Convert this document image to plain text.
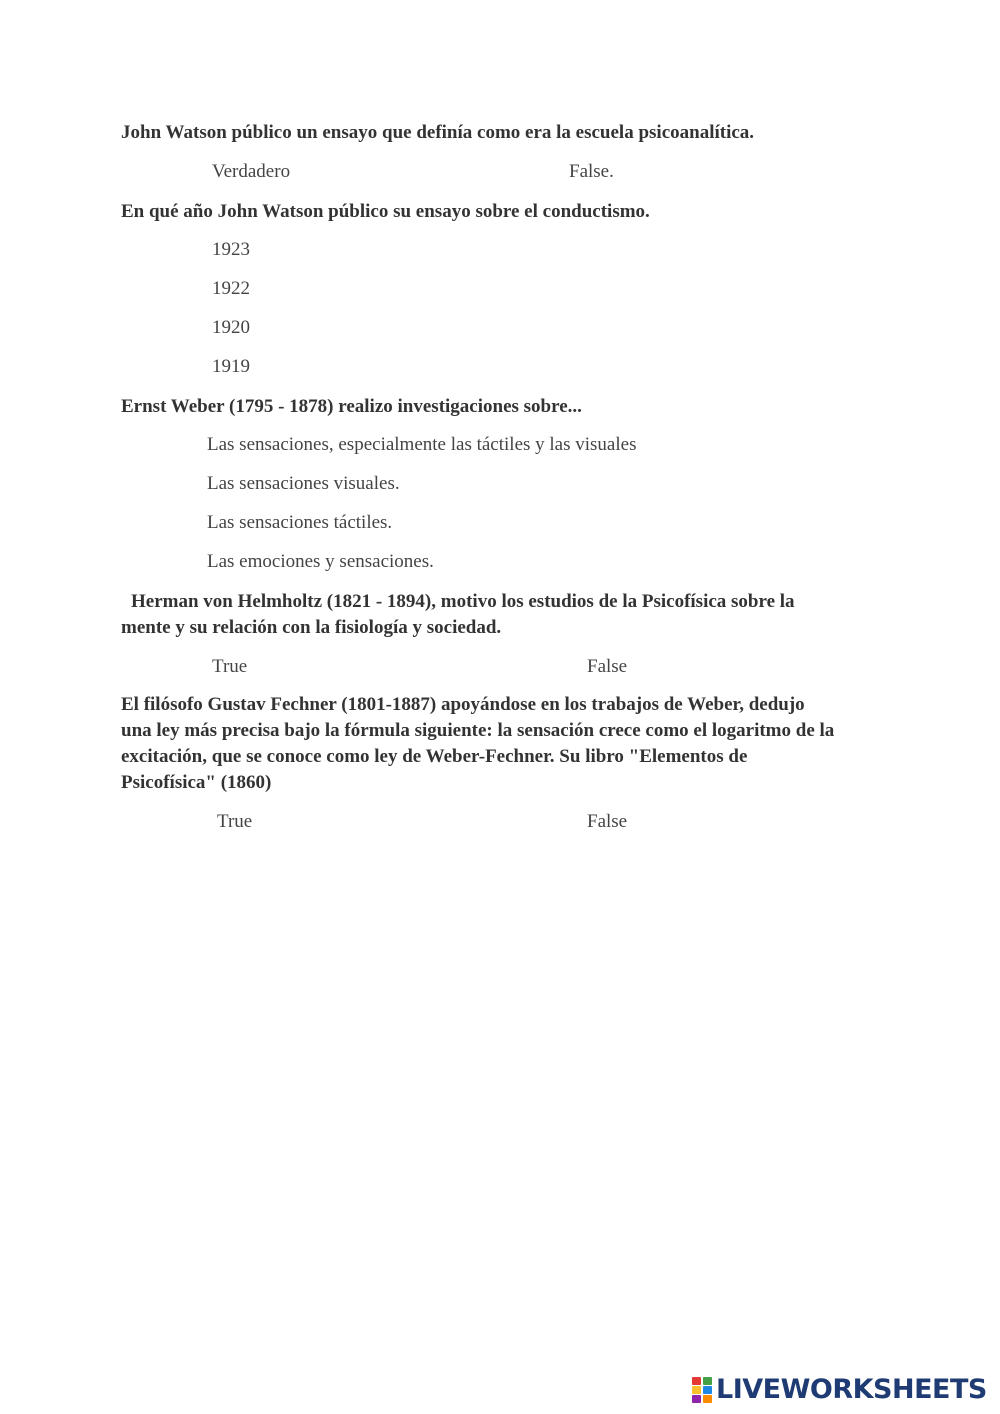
John Watson público un ensayo que definía como era la escuela psicoanalítica.

Verdadero	False.

En qué año John Watson público su ensayo sobre el conductismo.

1923
1922
1920
1919

Ernst Weber (1795 - 1878) realizo investigaciones sobre...

Las sensaciones, especialmente las táctiles y las visuales
Las sensaciones visuales.
Las sensaciones táctiles.
Las emociones y sensaciones.
Herman von Helmholtz (1821 - 1894), motivo los estudios de la Psicofísica sobre la
mente y su relación con la fisiología y sociedad.
True	False
El filósofo Gustav Fechner (1801-1887) apoyándose en los trabajos de Weber, dedujo
una ley más precisa bajo la fórmula siguiente: la sensación crece como el logaritmo de la
excitación, que se conoce como ley de Weber-Fechner. Su libro "Elementos de
Psicofísica" (1860)
True	False
LIVEWORKSHEETS
